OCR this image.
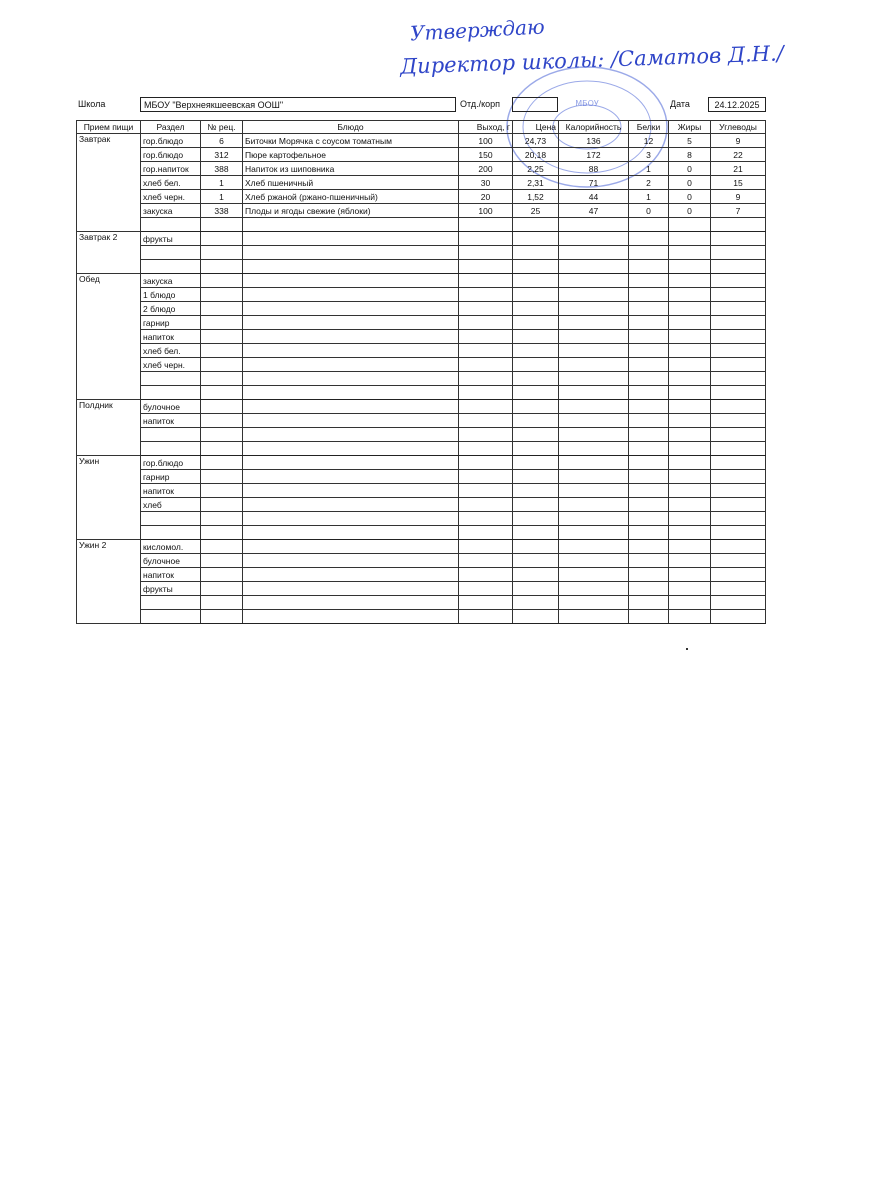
Утверждаю
Директор школы: /Саматов Д.Н./
МБОУ
Школа	МБОУ "Верхнеякшеевская ООШ"	Отд./корп	Дата	24.12.2025
Прием пищи	Раздел	№ рец.	Блюдо	Выход, г	Цена	Калорийность	Белки	Жиры	Углеводы
Завтрак	гор.блюдо	6	Биточки Морячка с соусом томатным	100	24,73	136	12	5	9
	гор.блюдо	312	Пюре картофельное	150	20,18	172	3	8	22
	гор.напиток	388	Напиток из шиповника	200	2,25	88	1	0	21
	хлеб бел.	1	Хлеб пшеничный	30	2,31	71	2	0	15
	хлеб черн.	1	Хлеб ржаной (ржано-пшеничный)	20	1,52	44	1	0	9
	закуска	338	Плоды и ягоды свежие (яблоки)	100	25	47	0	0	7

Завтрак 2	фрукты								

Обед	закуска								
	1 блюдо								
	2 блюдо								
	гарнир								
	напиток								
	хлеб бел.								
	хлеб черн.								

Полдник	булочное								
	напиток								

Ужин	гор.блюдо								
	гарнир								
	напиток								
	хлеб								

Ужин 2	кисломол.								
	булочное								
	напиток								
	фрукты								
